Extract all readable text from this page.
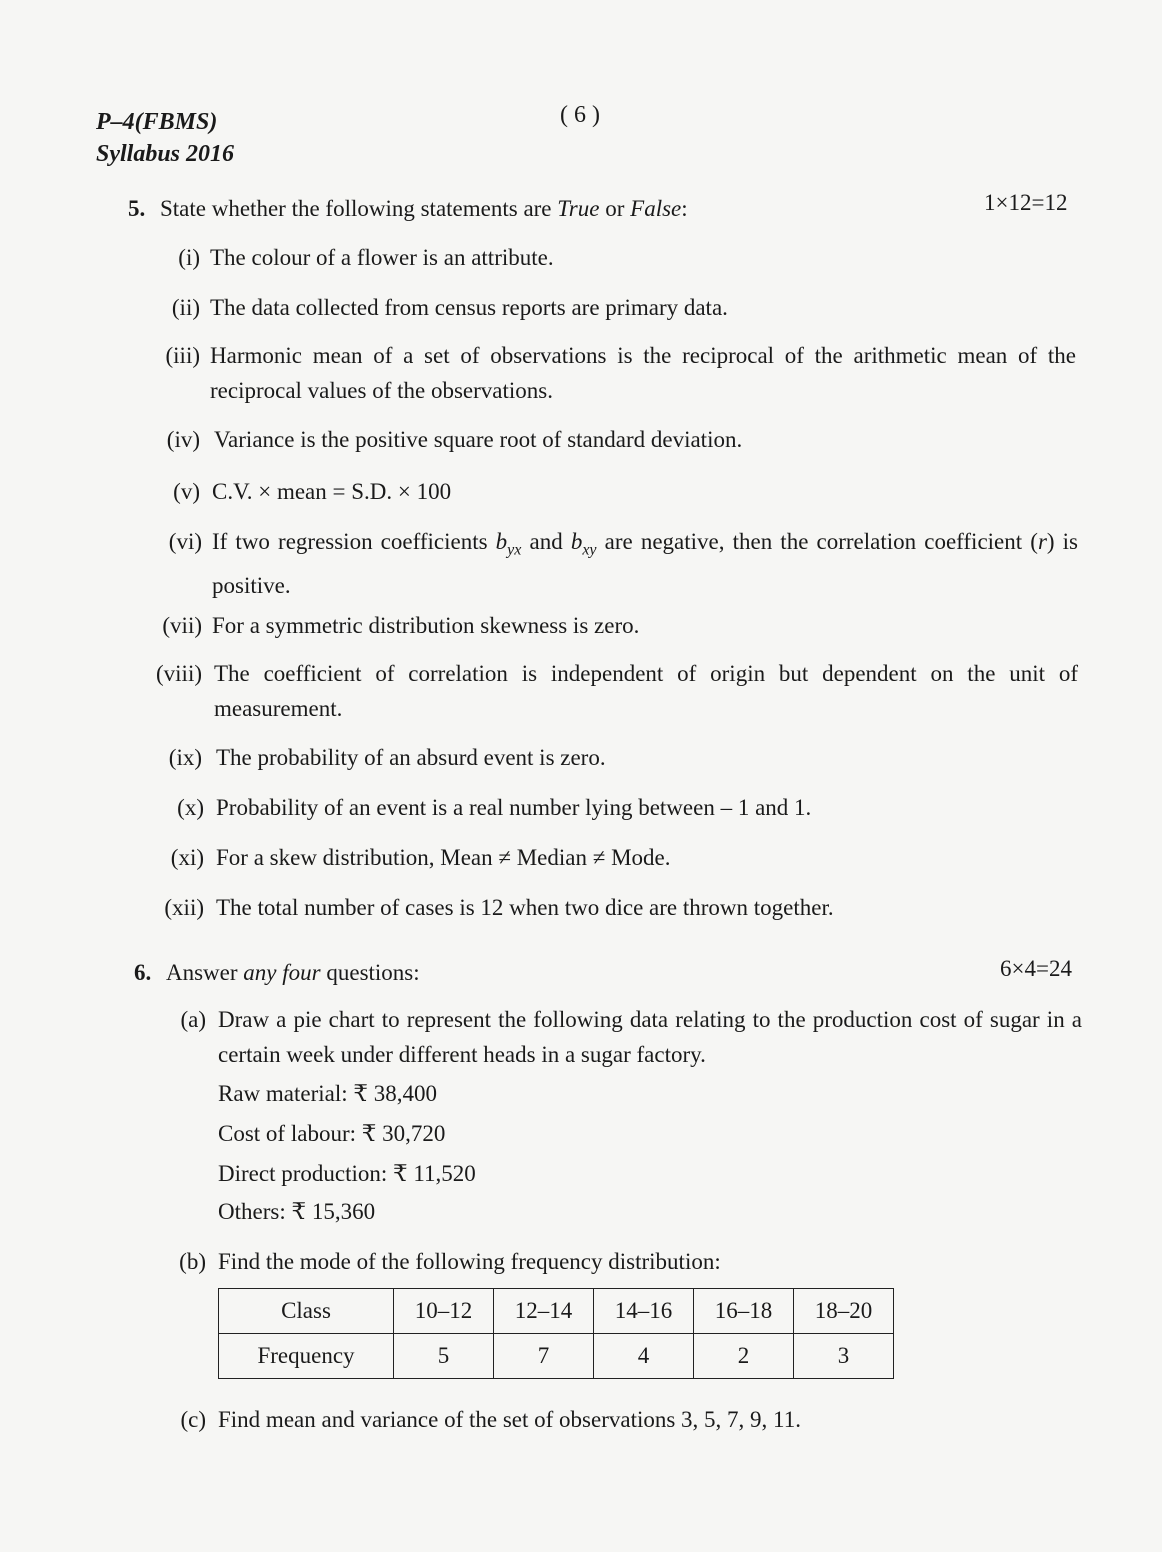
P–4(FBMS)
Syllabus 2016
( 6 )
5. State whether the following statements are True or False:	1×12=12
(i) The colour of a flower is an attribute.
(ii) The data collected from census reports are primary data.
(iii) Harmonic mean of a set of observations is the reciprocal of the arithmetic mean of the reciprocal values of the observations.
(iv) Variance is the positive square root of standard deviation.
(v) C.V. × mean = S.D. × 100
(vi) If two regression coefficients $b_{yx}$ and $b_{xy}$ are negative, then the correlation coefficient (r) is positive.
(vii) For a symmetric distribution skewness is zero.
(viii) The coefficient of correlation is independent of origin but dependent on the unit of measurement.
(ix) The probability of an absurd event is zero.
(x) Probability of an event is a real number lying between – 1 and 1.
(xi) For a skew distribution, Mean ≠ Median ≠ Mode.
(xii) The total number of cases is 12 when two dice are thrown together.
6. Answer any four questions:	6×4=24
(a) Draw a pie chart to represent the following data relating to the production cost of sugar in a certain week under different heads in a sugar factory.
Raw material: ₹ 38,400
Cost of labour: ₹ 30,720
Direct production: ₹ 11,520
Others: ₹ 15,360
(b) Find the mode of the following frequency distribution:
Class	10–12	12–14	14–16	16–18	18–20
Frequency	5	7	4	2	3
(c) Find mean and variance of the set of observations 3, 5, 7, 9, 11.
